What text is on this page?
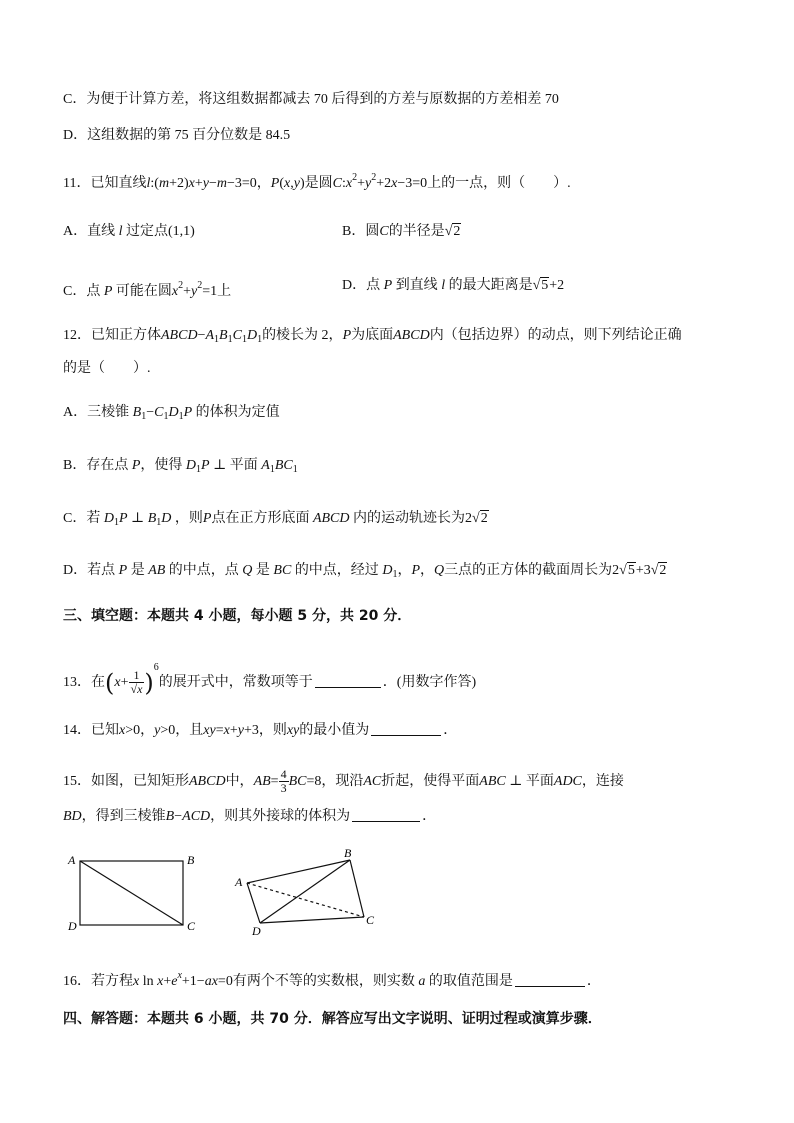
C．为便于计算方差，将这组数据都减去 70 后得到的方差与原数据的方差相差 70
D．这组数据的第 75 百分位数是 84.5
11．已知直线l:(m+2)x+y−m−3=0，P(x,y)是圆$C:x^2+y^2+2x-3=0$上的一点，则（　　）.
A．直线 l 过定点(1,1)	B．圆C的半径是√2
C．点 P 可能在圆$x^2+y^2=1$上	D．点 P 到直线 l 的最大距离是√5+2
12．已知正方体$ABCD-A_1B_1C_1D_1$的棱长为 2，P为底面ABCD内（包括边界）的动点，则下列结论正确
的是（　　）.
A．三棱锥 $B_1-C_1D_1P$ 的体积为定值
B．存在点 P，使得 $D_1P$ ⊥ 平面 $A_1BC_1$
C．若 $D_1P$ ⊥ $B_1D$ ，则P点在正方形底面 ABCD 内的运动轨迹长为2√2
D．若点 P 是 AB 的中点，点 Q 是 BC 的中点，经过 $D_1$，P，Q三点的正方体的截面周长为2√5+3√2
三、填空题：本题共 4 小题，每小题 5 分，共 20 分．
13．在$(x+ \frac{1}{√x} )^6$的展开式中，常数项等于	．(用数字作答)
14．已知x>0，y>0，且xy=x+y+3，则xy的最小值为	．
15．如图，已知矩形ABCD中，$AB= \frac{4}{3} BC=8$，现沿AC折起，使得平面ABC ⊥ 平面ADC，连接
BD，得到三棱锥B−ACD，则其外接球的体积为	．
A	B
D	C
A
B
C
D
16．若方程x $\ln x+e^x+1-ax=0$有两个不等的实数根，则实数 a 的取值范围是	．
四、解答题：本题共 6 小题，共 70 分．解答应写出文字说明、证明过程或演算步骤．
